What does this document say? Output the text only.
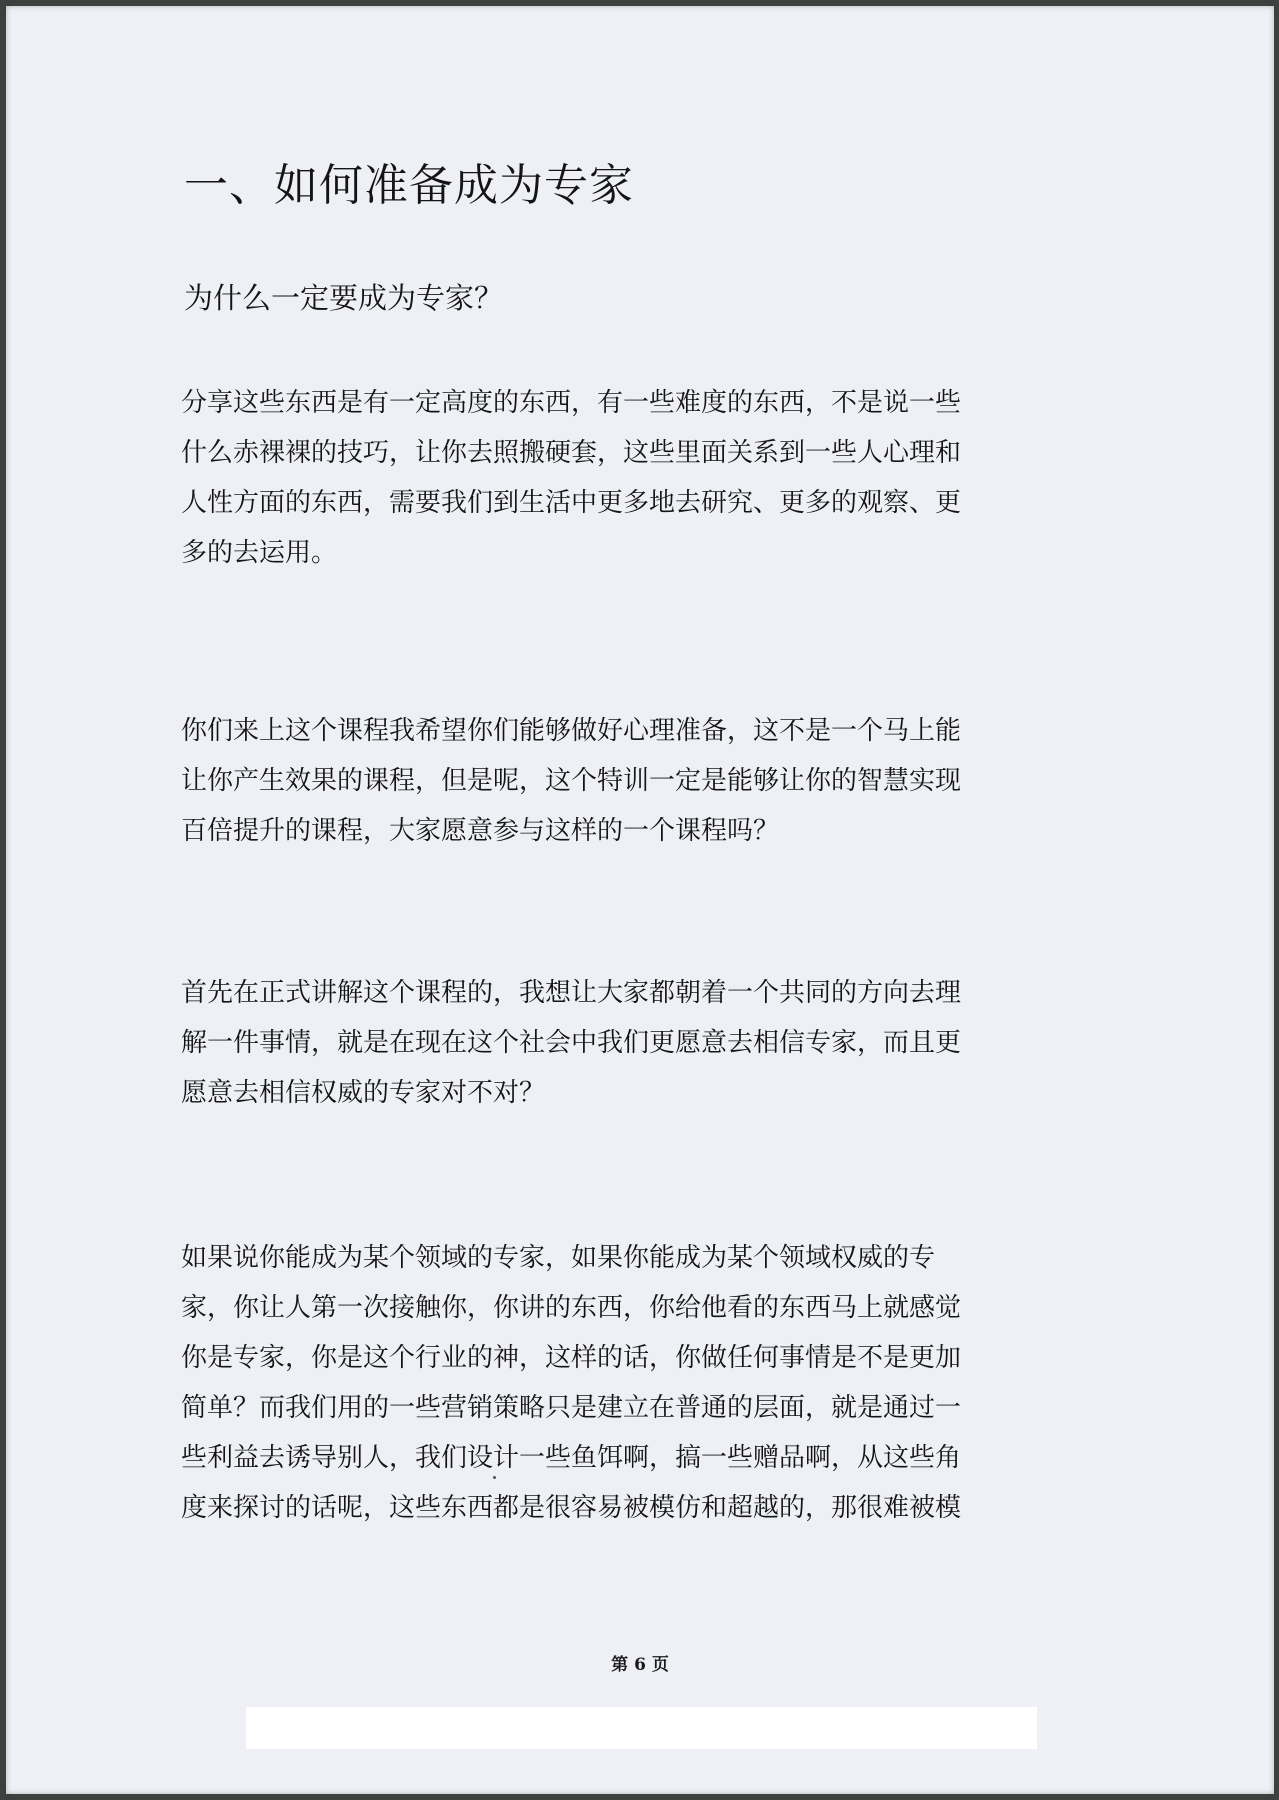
一、如何准备成为专家
为什么一定要成为专家？

分享这些东西是有一定高度的东西，有一些难度的东西，不是说一些
什么赤裸裸的技巧，让你去照搬硬套，这些里面关系到一些人心理和
人性方面的东西，需要我们到生活中更多地去研究、更多的观察、更
多的去运用。

你们来上这个课程我希望你们能够做好心理准备，这不是一个马上能
让你产生效果的课程，但是呢，这个特训一定是能够让你的智慧实现
百倍提升的课程，大家愿意参与这样的一个课程吗？

首先在正式讲解这个课程的，我想让大家都朝着一个共同的方向去理
解一件事情，就是在现在这个社会中我们更愿意去相信专家，而且更
愿意去相信权威的专家对不对？

如果说你能成为某个领域的专家，如果你能成为某个领域权威的专
家，你让人第一次接触你，你讲的东西，你给他看的东西马上就感觉
你是专家，你是这个行业的神，这样的话，你做任何事情是不是更加
简单？而我们用的一些营销策略只是建立在普通的层面，就是通过一
些利益去诱导别人，我们设计一些鱼饵啊，搞一些赠品啊，从这些角
度来探讨的话呢，这些东西都是很容易被模仿和超越的，那很难被模

第 6 页
